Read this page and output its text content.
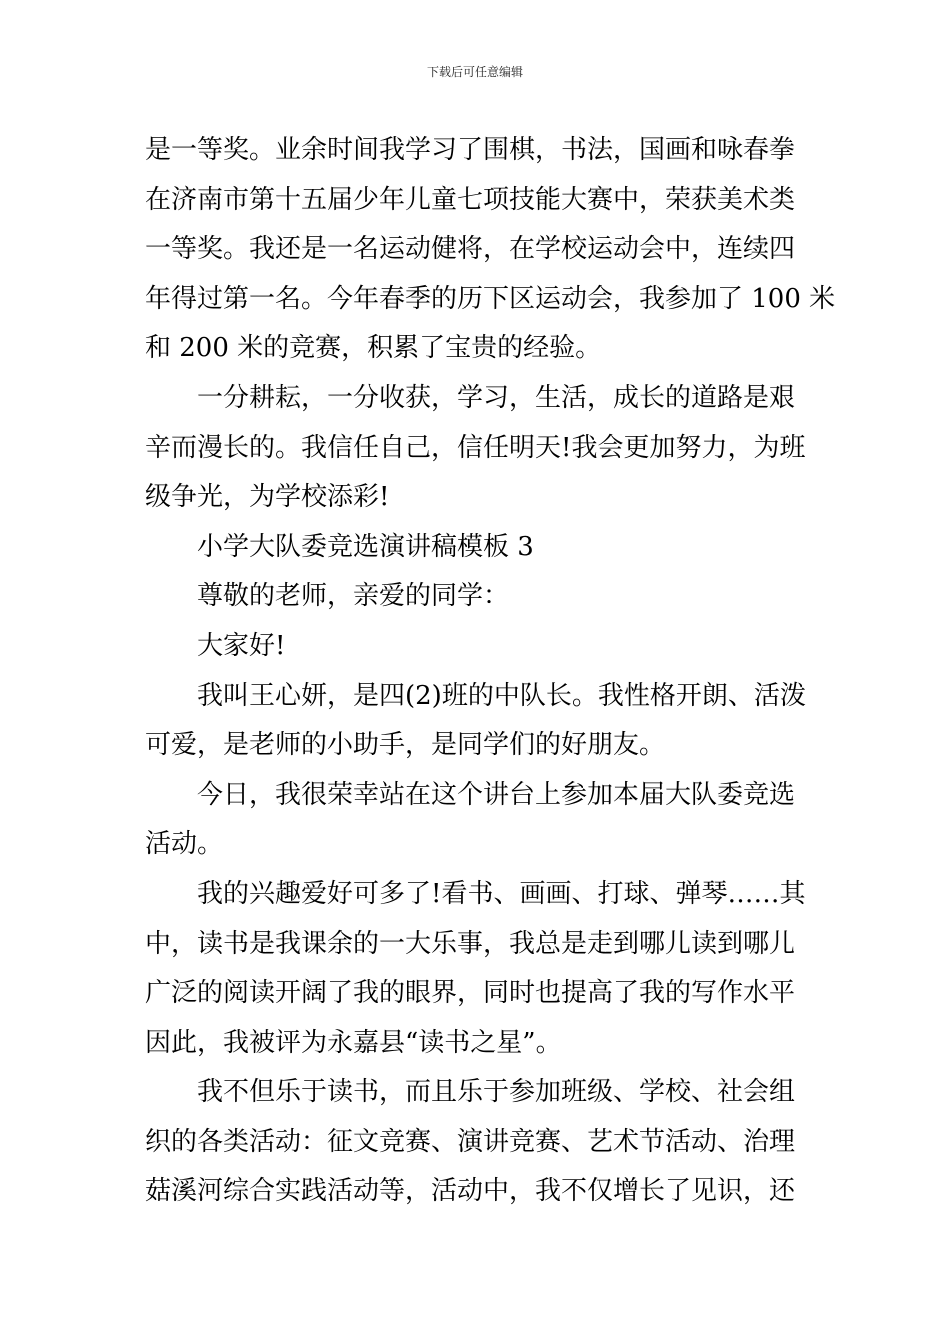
下载后可任意编辑
是一等奖。业余时间我学习了围棋，书法，国画和咏春拳
在济南市第十五届少年儿童七项技能大赛中，荣获美术类
一等奖。我还是一名运动健将，在学校运动会中，连续四
年得过第一名。今年春季的历下区运动会，我参加了 100 米
和 200 米的竞赛，积累了宝贵的经验。
一分耕耘，一分收获，学习，生活，成长的道路是艰
辛而漫长的。我信任自己，信任明天!我会更加努力，为班
级争光，为学校添彩!
小学大队委竞选演讲稿模板 3
尊敬的老师，亲爱的同学：
大家好!
我叫王心妍，是四(2)班的中队长。我性格开朗、活泼
可爱，是老师的小助手，是同学们的好朋友。
今日，我很荣幸站在这个讲台上参加本届大队委竞选
活动。
我的兴趣爱好可多了!看书、画画、打球、弹琴……其
中，读书是我课余的一大乐事，我总是走到哪儿读到哪儿
广泛的阅读开阔了我的眼界，同时也提高了我的写作水平
因此，我被评为永嘉县“读书之星”。
我不但乐于读书，而且乐于参加班级、学校、社会组
织的各类活动：征文竞赛、演讲竞赛、艺术节活动、治理
菇溪河综合实践活动等，活动中，我不仅增长了见识，还
